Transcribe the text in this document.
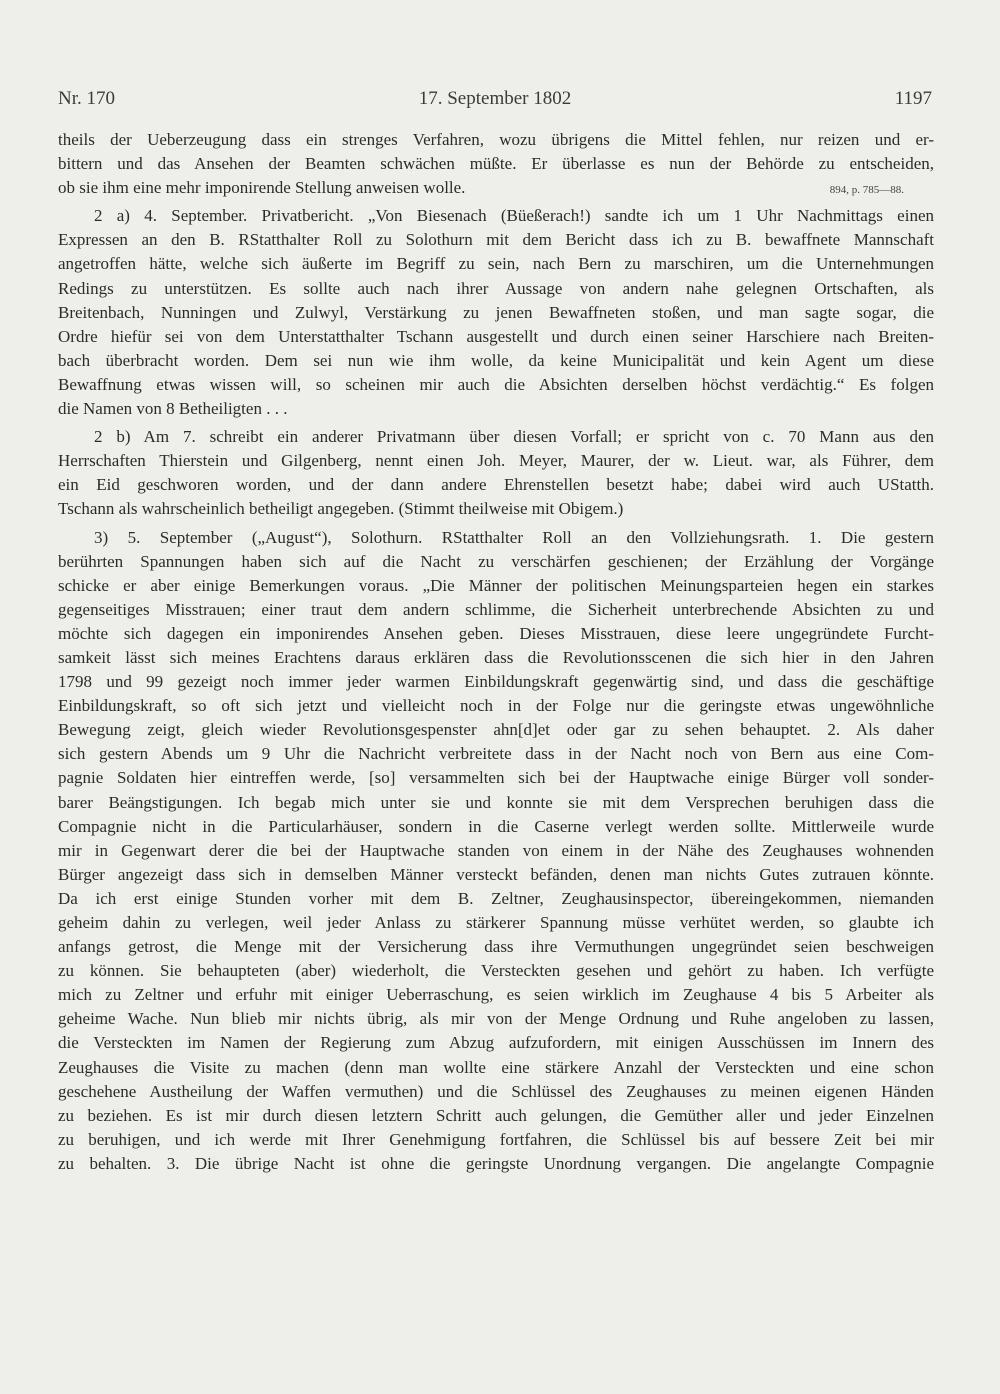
Nr. 170	17. September 1802	1197
theils der Ueberzeugung dass ein strenges Verfahren, wozu übrigens die Mittel fehlen, nur reizen und er-
bittern und das Ansehen der Beamten schwächen müßte. Er überlasse es nun der Behörde zu entscheiden,
ob sie ihm eine mehr imponirende Stellung anweisen wolle.	894, p. 785—88.
2 a) 4. September. Privatbericht. „Von Biesenach (Büeßerach!) sandte ich um 1 Uhr Nachmittags einen
Expressen an den B. RStatthalter Roll zu Solothurn mit dem Bericht dass ich zu B. bewaffnete Mannschaft
angetroffen hätte, welche sich äußerte im Begriff zu sein, nach Bern zu marschiren, um die Unternehmungen
Redings zu unterstützen. Es sollte auch nach ihrer Aussage von andern nahe gelegnen Ortschaften, als
Breitenbach, Nunningen und Zulwyl, Verstärkung zu jenen Bewaffneten stoßen, und man sagte sogar, die
Ordre hiefür sei von dem Unterstatthalter Tschann ausgestellt und durch einen seiner Harschiere nach Breiten-
bach überbracht worden. Dem sei nun wie ihm wolle, da keine Municipalität und kein Agent um diese
Bewaffnung etwas wissen will, so scheinen mir auch die Absichten derselben höchst verdächtig.“ Es folgen
die Namen von 8 Betheiligten . . .
2 b) Am 7. schreibt ein anderer Privatmann über diesen Vorfall; er spricht von c. 70 Mann aus den
Herrschaften Thierstein und Gilgenberg, nennt einen Joh. Meyer, Maurer, der w. Lieut. war, als Führer, dem
ein Eid geschworen worden, und der dann andere Ehrenstellen besetzt habe; dabei wird auch UStatth.
Tschann als wahrscheinlich betheiligt angegeben. (Stimmt theilweise mit Obigem.)
3) 5. September („August“), Solothurn. RStatthalter Roll an den Vollziehungsrath. 1. Die gestern
berührten Spannungen haben sich auf die Nacht zu verschärfen geschienen; der Erzählung der Vorgänge
schicke er aber einige Bemerkungen voraus. „Die Männer der politischen Meinungsparteien hegen ein starkes
gegenseitiges Misstrauen; einer traut dem andern schlimme, die Sicherheit unterbrechende Absichten zu und
möchte sich dagegen ein imponirendes Ansehen geben. Dieses Misstrauen, diese leere ungegründete Furcht-
samkeit lässt sich meines Erachtens daraus erklären dass die Revolutionsscenen die sich hier in den Jahren
1798 und 99 gezeigt noch immer jeder warmen Einbildungskraft gegenwärtig sind, und dass die geschäftige
Einbildungskraft, so oft sich jetzt und vielleicht noch in der Folge nur die geringste etwas ungewöhnliche
Bewegung zeigt, gleich wieder Revolutionsgespenster ahn[d]et oder gar zu sehen behauptet. 2. Als daher
sich gestern Abends um 9 Uhr die Nachricht verbreitete dass in der Nacht noch von Bern aus eine Com-
pagnie Soldaten hier eintreffen werde, [so] versammelten sich bei der Hauptwache einige Bürger voll sonder-
barer Beängstigungen. Ich begab mich unter sie und konnte sie mit dem Versprechen beruhigen dass die
Compagnie nicht in die Particularhäuser, sondern in die Caserne verlegt werden sollte. Mittlerweile wurde
mir in Gegenwart derer die bei der Hauptwache standen von einem in der Nähe des Zeughauses wohnenden
Bürger angezeigt dass sich in demselben Männer versteckt befänden, denen man nichts Gutes zutrauen könnte.
Da ich erst einige Stunden vorher mit dem B. Zeltner, Zeughausinspector, übereingekommen, niemanden
geheim dahin zu verlegen, weil jeder Anlass zu stärkerer Spannung müsse verhütet werden, so glaubte ich
anfangs getrost, die Menge mit der Versicherung dass ihre Vermuthungen ungegründet seien beschweigen
zu können. Sie behaupteten (aber) wiederholt, die Versteckten gesehen und gehört zu haben. Ich verfügte
mich zu Zeltner und erfuhr mit einiger Ueberraschung, es seien wirklich im Zeughause 4 bis 5 Arbeiter als
geheime Wache. Nun blieb mir nichts übrig, als mir von der Menge Ordnung und Ruhe angeloben zu lassen,
die Versteckten im Namen der Regierung zum Abzug aufzufordern, mit einigen Ausschüssen im Innern des
Zeughauses die Visite zu machen (denn man wollte eine stärkere Anzahl der Versteckten und eine schon
geschehene Austheilung der Waffen vermuthen) und die Schlüssel des Zeughauses zu meinen eigenen Händen
zu beziehen. Es ist mir durch diesen letztern Schritt auch gelungen, die Gemüther aller und jeder Einzelnen
zu beruhigen, und ich werde mit Ihrer Genehmigung fortfahren, die Schlüssel bis auf bessere Zeit bei mir
zu behalten. 3. Die übrige Nacht ist ohne die geringste Unordnung vergangen. Die angelangte Compagnie
